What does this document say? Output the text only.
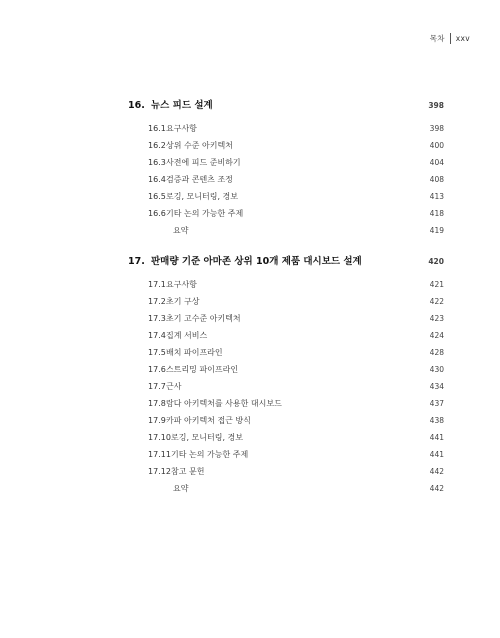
목차 xxv
16. 뉴스 피드 설계	398
16.1 요구사항	398
16.2 상위 수준 아키텍처	400
16.3 사전에 피드 준비하기	404
16.4 검증과 콘텐츠 조정	408
16.5 로깅, 모니터링, 경보	413
16.6 기타 논의 가능한 주제	418
요약	419
17. 판매량 기준 아마존 상위 10개 제품 대시보드 설계	420
17.1 요구사항	421
17.2 초기 구상	422
17.3 초기 고수준 아키텍처	423
17.4 집계 서비스	424
17.5 배치 파이프라인	428
17.6 스트리밍 파이프라인	430
17.7 근사	434
17.8 람다 아키텍처를 사용한 대시보드	437
17.9 카파 아키텍처 접근 방식	438
17.10 로깅, 모니터링, 경보	441
17.11 기타 논의 가능한 주제	441
17.12 참고 문헌	442
요약	442
